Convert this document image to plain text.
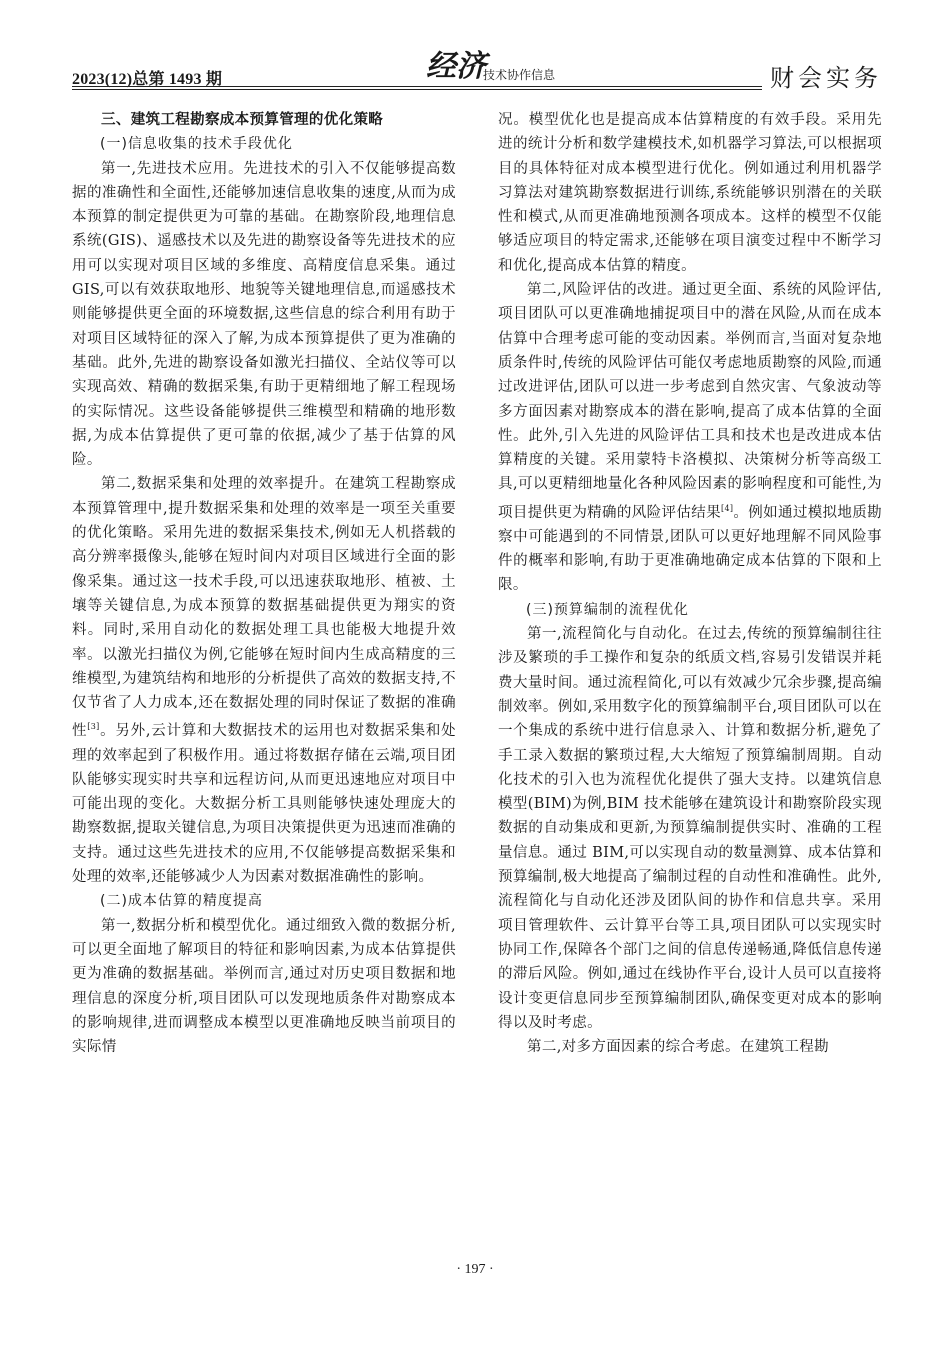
2023(12)总第 1493 期	经济
技术协作信息	财会实务
三、建筑工程勘察成本预算管理的优化策略
(一)信息收集的技术手段优化

第一,先进技术应用。先进技术的引入不仅能够提高数据的准确性和全面性,还能够加速信息收集的速度,从而为成本预算的制定提供更为可靠的基础。在勘察阶段,地理信息系统(GIS)、遥感技术以及先进的勘察设备等先进技术的应用可以实现对项目区域的多维度、高精度信息采集。通过 GIS,可以有效获取地形、地貌等关键地理信息,而遥感技术则能够提供更全面的环境数据,这些信息的综合利用有助于对项目区域特征的深入了解,为成本预算提供了更为准确的基础。此外,先进的勘察设备如激光扫描仪、全站仪等可以实现高效、精确的数据采集,有助于更精细地了解工程现场的实际情况。这些设备能够提供三维模型和精确的地形数据,为成本估算提供了更可靠的依据,减少了基于估算的风险。

第二,数据采集和处理的效率提升。在建筑工程勘察成本预算管理中,提升数据采集和处理的效率是一项至关重要的优化策略。采用先进的数据采集技术,例如无人机搭载的高分辨率摄像头,能够在短时间内对项目区域进行全面的影像采集。通过这一技术手段,可以迅速获取地形、植被、土壤等关键信息,为成本预算的数据基础提供更为翔实的资料。同时,采用自动化的数据处理工具也能极大地提升效率。以激光扫描仪为例,它能够在短时间内生成高精度的三维模型,为建筑结构和地形的分析提供了高效的数据支持,不仅节省了人力成本,还在数据处理的同时保证了数据的准确性[3]。另外,云计算和大数据技术的运用也对数据采集和处理的效率起到了积极作用。通过将数据存储在云端,项目团队能够实现实时共享和远程访问,从而更迅速地应对项目中可能出现的变化。大数据分析工具则能够快速处理庞大的勘察数据,提取关键信息,为项目决策提供更为迅速而准确的支持。通过这些先进技术的应用,不仅能够提高数据采集和处理的效率,还能够减少人为因素对数据准确性的影响。

(二)成本估算的精度提高

第一,数据分析和模型优化。通过细致入微的数据分析,可以更全面地了解项目的特征和影响因素,为成本估算提供更为准确的数据基础。举例而言,通过对历史项目数据和地理信息的深度分析,项目团队可以发现地质条件对勘察成本的影响规律,进而调整成本模型以更准确地反映当前项目的实际情

况。模型优化也是提高成本估算精度的有效手段。采用先进的统计分析和数学建模技术,如机器学习算法,可以根据项目的具体特征对成本模型进行优化。例如通过利用机器学习算法对建筑勘察数据进行训练,系统能够识别潜在的关联性和模式,从而更准确地预测各项成本。这样的模型不仅能够适应项目的特定需求,还能够在项目演变过程中不断学习和优化,提高成本估算的精度。

第二,风险评估的改进。通过更全面、系统的风险评估,项目团队可以更准确地捕捉项目中的潜在风险,从而在成本估算中合理考虑可能的变动因素。举例而言,当面对复杂地质条件时,传统的风险评估可能仅考虑地质勘察的风险,而通过改进评估,团队可以进一步考虑到自然灾害、气象波动等多方面因素对勘察成本的潜在影响,提高了成本估算的全面性。此外,引入先进的风险评估工具和技术也是改进成本估算精度的关键。采用蒙特卡洛模拟、决策树分析等高级工具,可以更精细地量化各种风险因素的影响程度和可能性,为项目提供更为精确的风险评估结果[4]。例如通过模拟地质勘察中可能遇到的不同情景,团队可以更好地理解不同风险事件的概率和影响,有助于更准确地确定成本估算的下限和上限。

(三)预算编制的流程优化

第一,流程简化与自动化。在过去,传统的预算编制往往涉及繁琐的手工操作和复杂的纸质文档,容易引发错误并耗费大量时间。通过流程简化,可以有效减少冗余步骤,提高编制效率。例如,采用数字化的预算编制平台,项目团队可以在一个集成的系统中进行信息录入、计算和数据分析,避免了手工录入数据的繁琐过程,大大缩短了预算编制周期。自动化技术的引入也为流程优化提供了强大支持。以建筑信息模型(BIM)为例,BIM 技术能够在建筑设计和勘察阶段实现数据的自动集成和更新,为预算编制提供实时、准确的工程量信息。通过 BIM,可以实现自动的数量测算、成本估算和预算编制,极大地提高了编制过程的自动性和准确性。此外,流程简化与自动化还涉及团队间的协作和信息共享。采用项目管理软件、云计算平台等工具,项目团队可以实现实时协同工作,保障各个部门之间的信息传递畅通,降低信息传递的滞后风险。例如,通过在线协作平台,设计人员可以直接将设计变更信息同步至预算编制团队,确保变更对成本的影响得以及时考虑。

第二,对多方面因素的综合考虑。在建筑工程勘

· 197 ·
